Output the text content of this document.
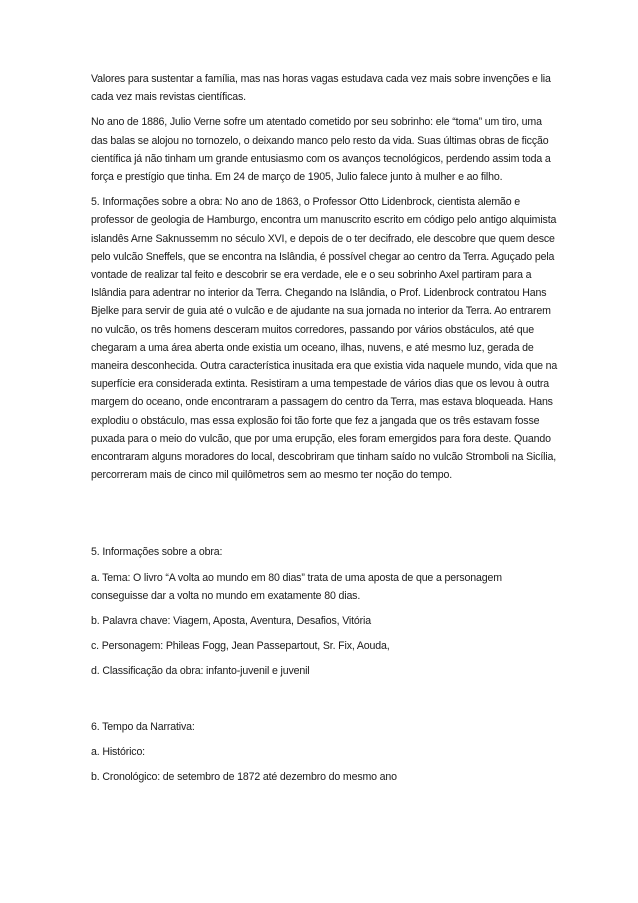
Valores para sustentar a família, mas nas horas vagas estudava cada vez mais sobre invenções e lia cada vez mais revistas científicas.

No ano de 1886, Julio Verne sofre um atentado cometido por seu sobrinho: ele “toma” um tiro, uma das balas se alojou no tornozelo, o deixando manco pelo resto da vida. Suas últimas obras de ficção científica já não tinham um grande entusiasmo com os avanços tecnológicos, perdendo assim toda a força e prestígio que tinha. Em 24 de março de 1905, Julio falece junto à mulher e ao filho.

5. Informações sobre a obra: No ano de 1863, o Professor Otto Lidenbrock, cientista alemão e professor de geologia de Hamburgo, encontra um manuscrito escrito em código pelo antigo alquimista islandês Arne Saknussemm no século XVI, e depois de o ter decifrado, ele descobre que quem desce pelo vulcão Sneffels, que se encontra na Islândia, é possível chegar ao centro da Terra. Aguçado pela vontade de realizar tal feito e descobrir se era verdade, ele e o seu sobrinho Axel partiram para a Islândia para adentrar no interior da Terra. Chegando na Islândia, o Prof. Lidenbrock contratou Hans Bjelke para servir de guia até o vulcão e de ajudante na sua jornada no interior da Terra. Ao entrarem no vulcão, os três homens desceram muitos corredores, passando por vários obstáculos, até que chegaram a uma área aberta onde existia um oceano, ilhas, nuvens, e até mesmo luz, gerada de maneira desconhecida. Outra característica inusitada era que existia vida naquele mundo, vida que na superfície era considerada extinta. Resistiram a uma tempestade de vários dias que os levou à outra margem do oceano, onde encontraram a passagem do centro da Terra, mas estava bloqueada. Hans explodiu o obstáculo, mas essa explosão foi tão forte que fez a jangada que os três estavam fosse puxada para o meio do vulcão, que por uma erupção, eles foram emergidos para fora deste. Quando encontraram alguns moradores do local, descobriram que tinham saído no vulcão Stromboli na Sicília, percorreram mais de cinco mil quilômetros sem ao mesmo ter noção do tempo.

5. Informações sobre a obra:

a. Tema: O livro “A volta ao mundo em 80 dias” trata de uma aposta de que a personagem conseguisse dar a volta no mundo em exatamente 80 dias.

b. Palavra chave: Viagem, Aposta, Aventura, Desafios, Vitória

c. Personagem: Phileas Fogg, Jean Passepartout, Sr. Fix, Aouda,

d. Classificação da obra: infanto-juvenil e juvenil

6. Tempo da Narrativa:

a. Histórico:

b. Cronológico: de setembro de 1872 até dezembro do mesmo ano
